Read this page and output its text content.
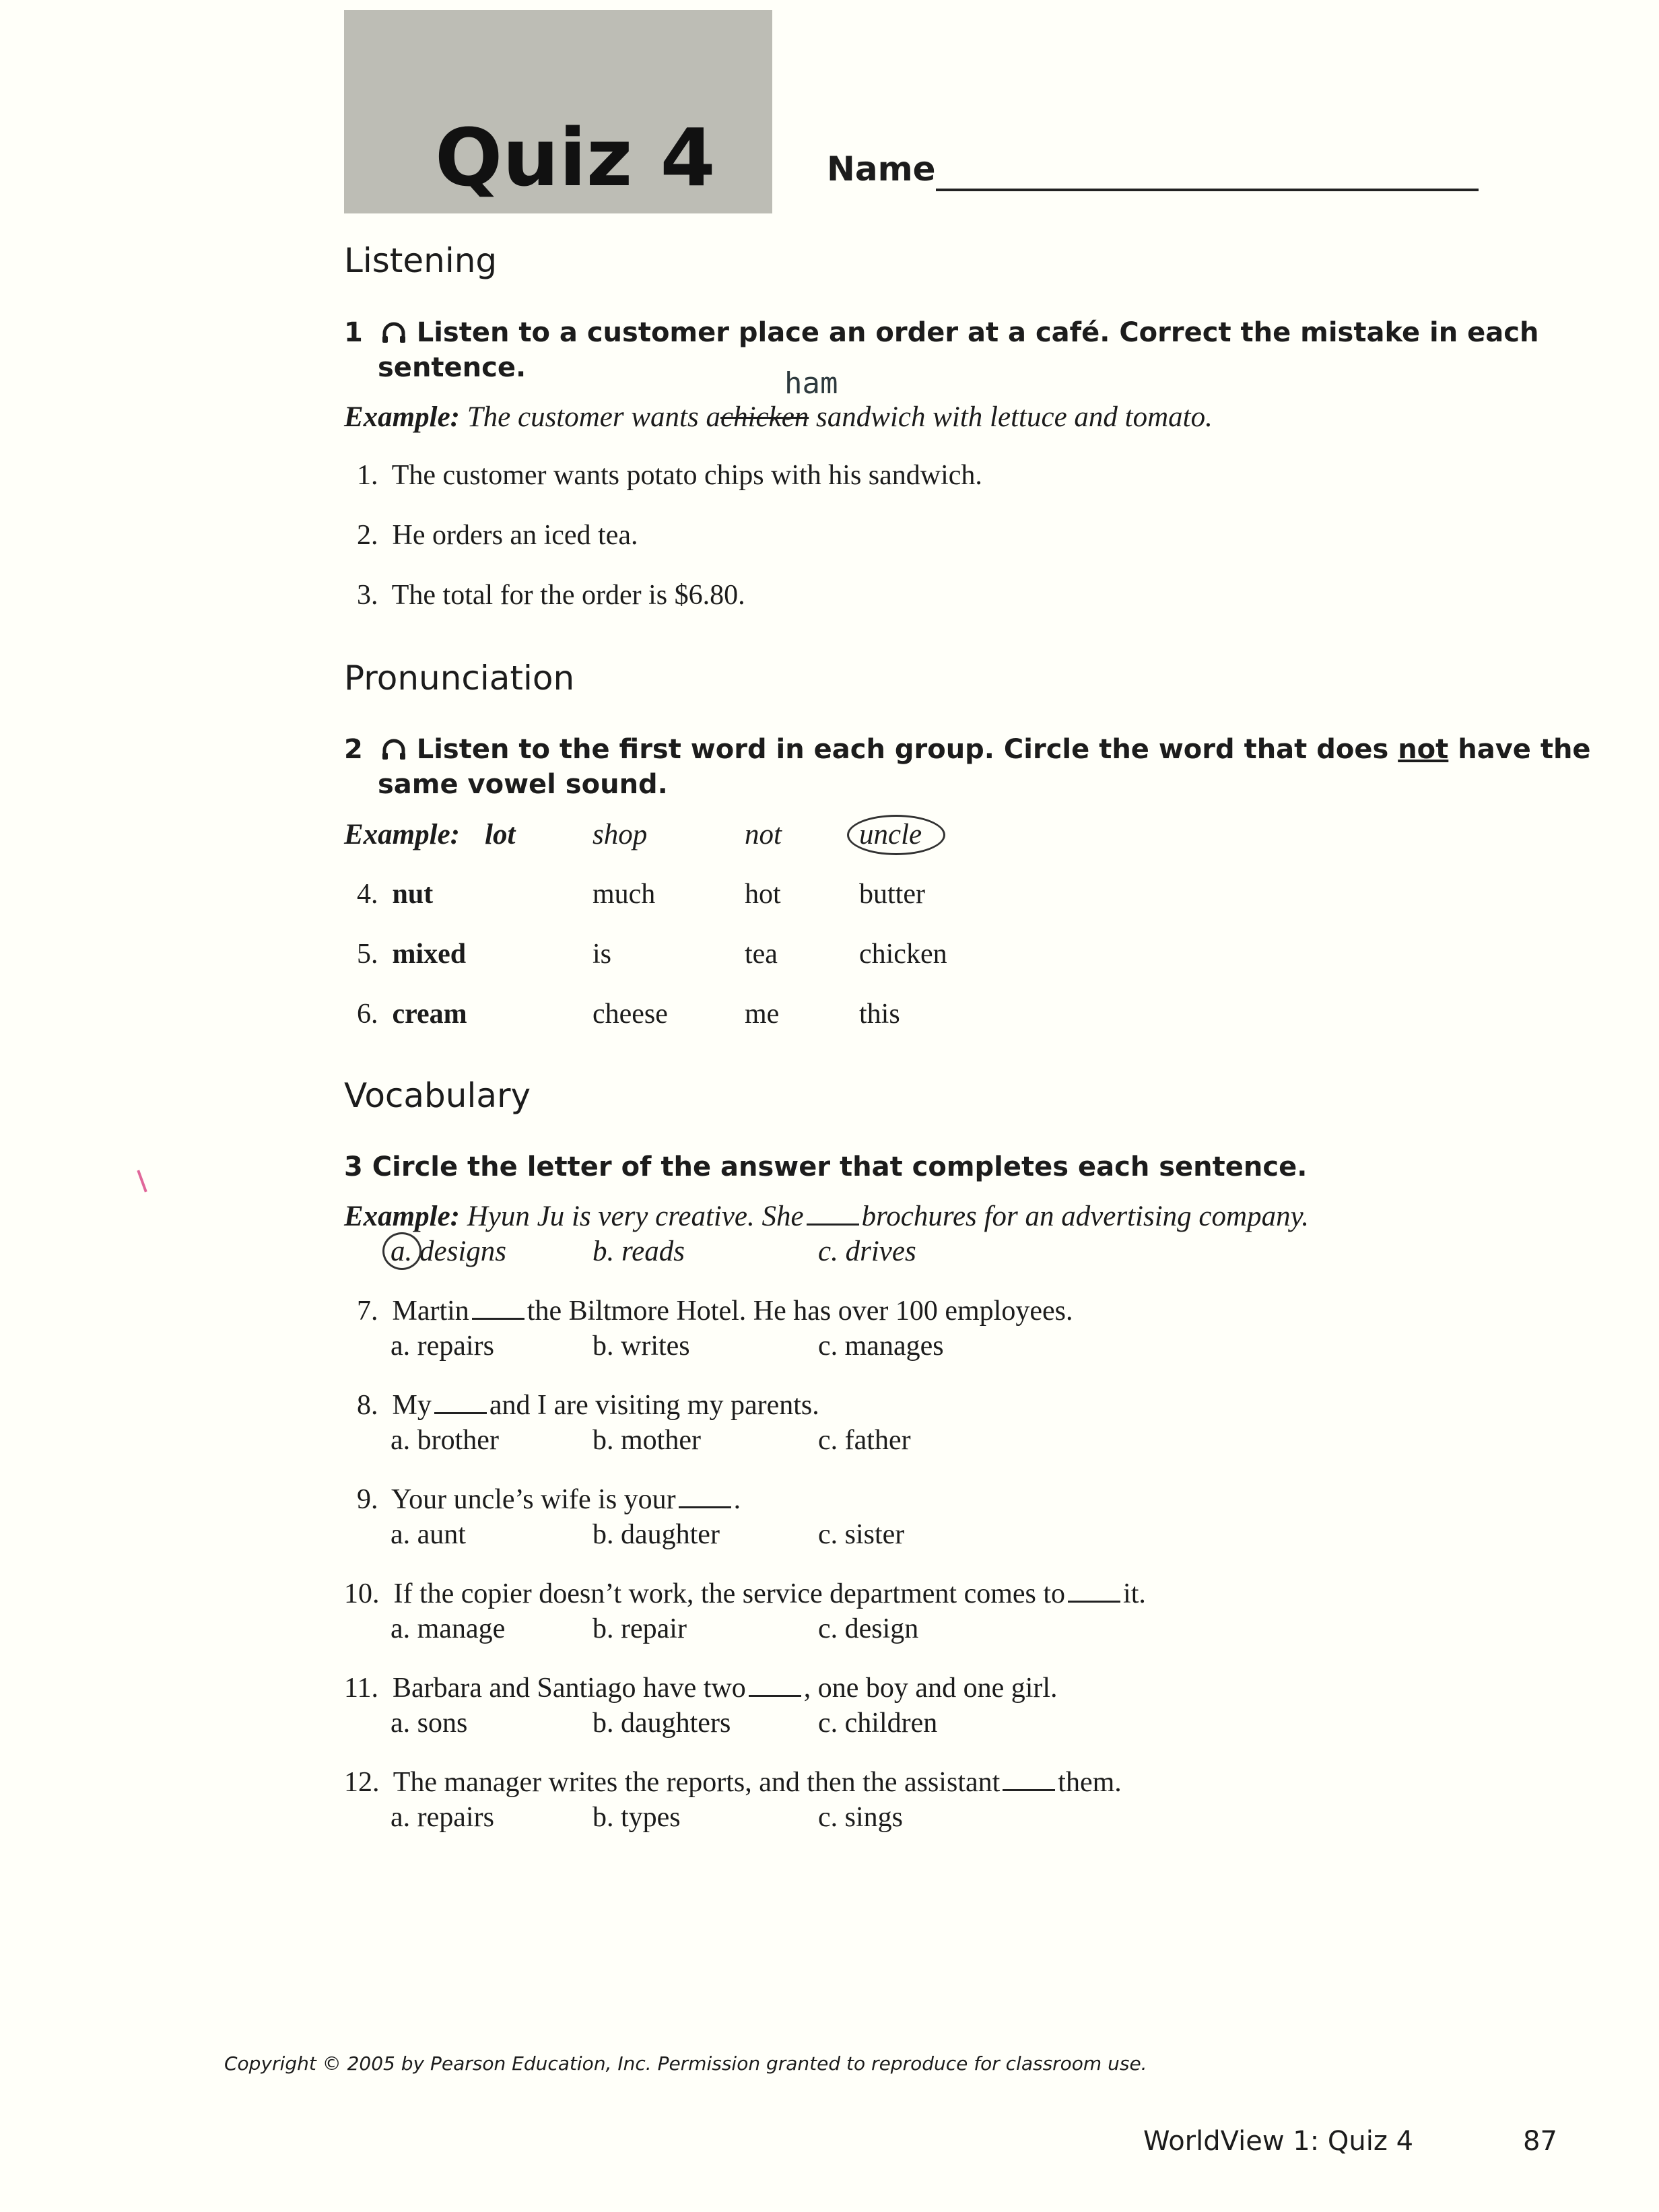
Quiz 4	Name
Listening
1 Listen to a customer place an order at a café. Correct the mistake in each
sentence.	ham
Example: The customer wants achicken sandwich with lettuce and tomato.
1. The customer wants potato chips with his sandwich.
2. He orders an iced tea.
3. The total for the order is $6.80.
Pronunciation
2 Listen to the first word in each group. Circle the word that does not have the
same vowel sound.
Example: lot	shop	not	uncle
4. nut	much	hot	butter
5. mixed	is	tea	chicken
6. cream	cheese	me	this
Vocabulary
3 Circle the letter of the answer that completes each sentence.
Example: Hyun Ju is very creative. She brochures for an advertising company.
a. designs	b. reads	c. drives
7. Martin the Biltmore Hotel. He has over 100 employees.
a. repairs	b. writes	c. manages
8. My and I are visiting my parents.
a. brother	b. mother	c. father
9. Your uncle’s wife is your .
a. aunt	b. daughter	c. sister
10. If the copier doesn’t work, the service department comes to it.
a. manage	b. repair	c. design
11. Barbara and Santiago have two , one boy and one girl.
a. sons	b. daughters	c. children
12. The manager writes the reports, and then the assistant them.
a. repairs	b. types	c. sings
Copyright © 2005 by Pearson Education, Inc. Permission granted to reproduce for classroom use.
WorldView 1: Quiz 4	87
